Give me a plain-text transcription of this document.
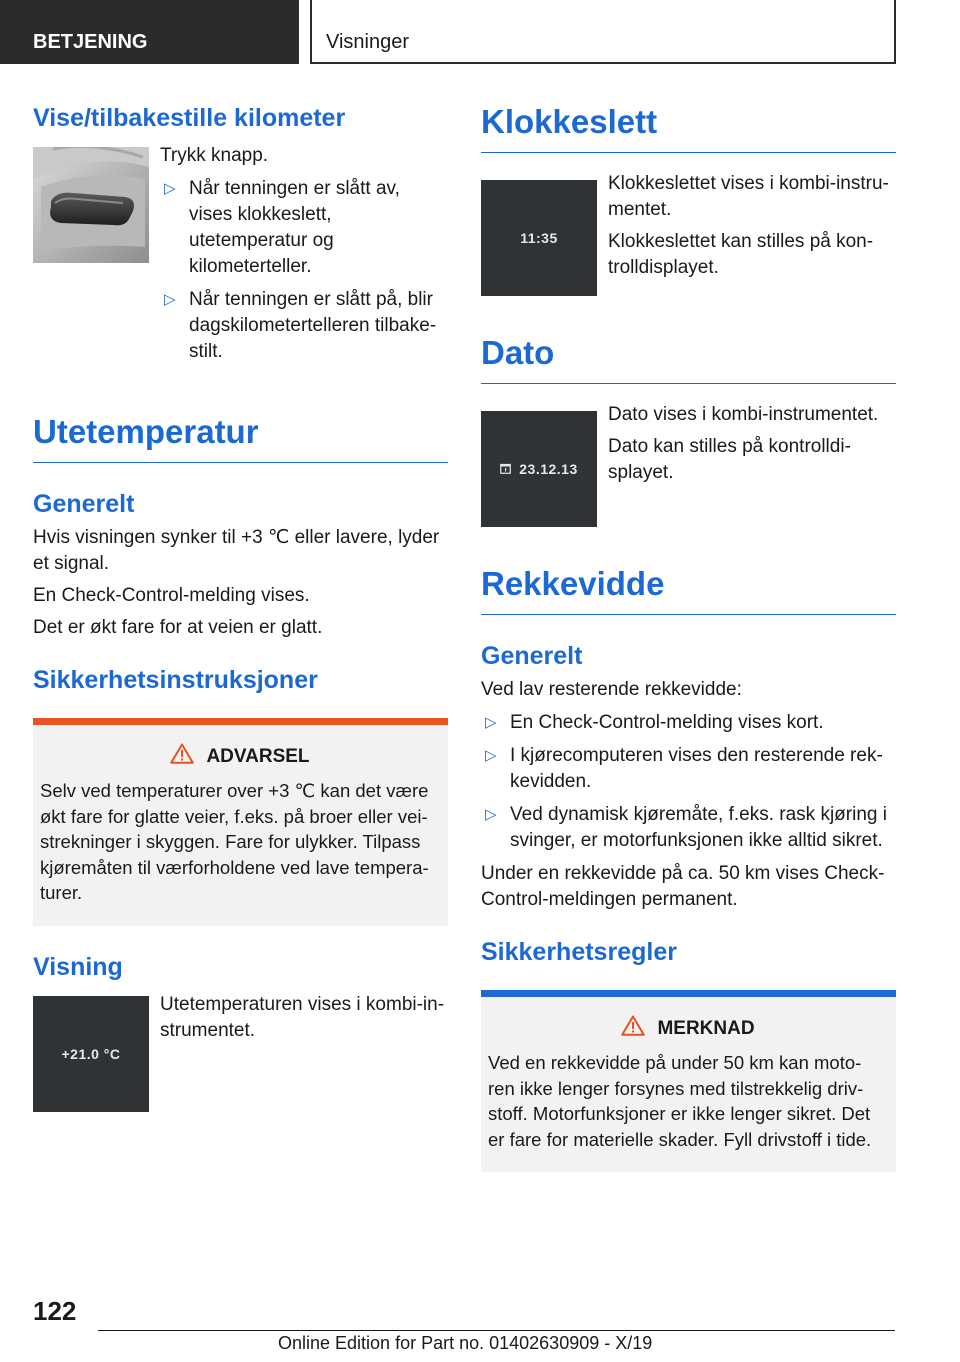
BETJENING	Visninger
Vise/tilbakestille kilometer

Trykk knapp.

▷ Når tenningen er slått av, vises klokkeslett, utetemperatur og kilometerteller.
▷ Når tenningen er slått på, blir dagskilometertelleren tilbake-stilt.
Utetemperatur
Generelt

Hvis visningen synker til +3 ℃ eller lavere, lyder et signal.

En Check-Control-melding vises.

Det er økt fare for at veien er glatt.

Sikkerhetsinstruksjoner
ADVARSEL
Selv ved temperaturer over +3 ℃ kan det være økt fare for glatte veier, f.eks. på broer eller vei-strekninger i skyggen. Fare for ulykker. Tilpass kjøremåten til værforholdene ved lave tempera-turer.
Visning
+21.0 °C

Utetemperaturen vises i kombi-in-strumentet.

Klokkeslett
11:35

Klokkeslettet vises i kombi-instru-mentet.

Klokkeslettet kan stilles på kon-trolldisplayet.

Dato
23.12.13

Dato vises i kombi-instrumentet.

Dato kan stilles på kontrolldi-splayet.

Rekkevidde
Generelt

Ved lav resterende rekkevidde:

▷ En Check-Control-melding vises kort.
▷ I kjørecomputeren vises den resterende rek-kevidden.
▷ Ved dynamisk kjøremåte, f.eks. rask kjøring i svinger, er motorfunksjonen ikke alltid sikret.

Under en rekkevidde på ca. 50 km vises Check-Control-meldingen permanent.

Sikkerhetsregler
MERKNAD
Ved en rekkevidde på under 50 km kan moto-ren ikke lenger forsynes med tilstrekkelig driv-stoff. Motorfunksjoner er ikke lenger sikret. Det er fare for materielle skader. Fyll drivstoff i tide.
122
Online Edition for Part no. 01402630909 - X/19
